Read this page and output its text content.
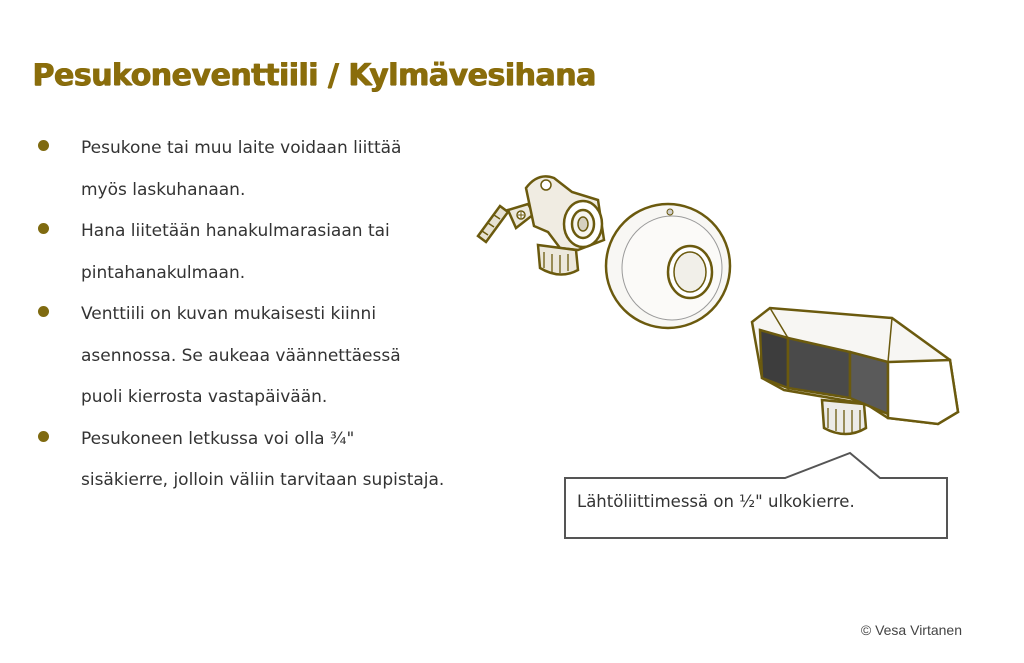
Pesukoneventtiili / Kylmävesihana

Pesukone tai muu laite voidaan liittää

myös laskuhanaan.

Hana liitetään hanakulmarasiaan tai

pintahanakulmaan.

Venttiili on kuvan mukaisesti kiinni

asennossa. Se aukeaa väännettäessä

puoli kierrosta vastapäivään.

Pesukoneen letkussa voi olla ¾"

sisäkierre, jolloin väliin tarvitaan supistaja.

Lähtöliittimessä on ½" ulkokierre.

© Vesa Virtanen
